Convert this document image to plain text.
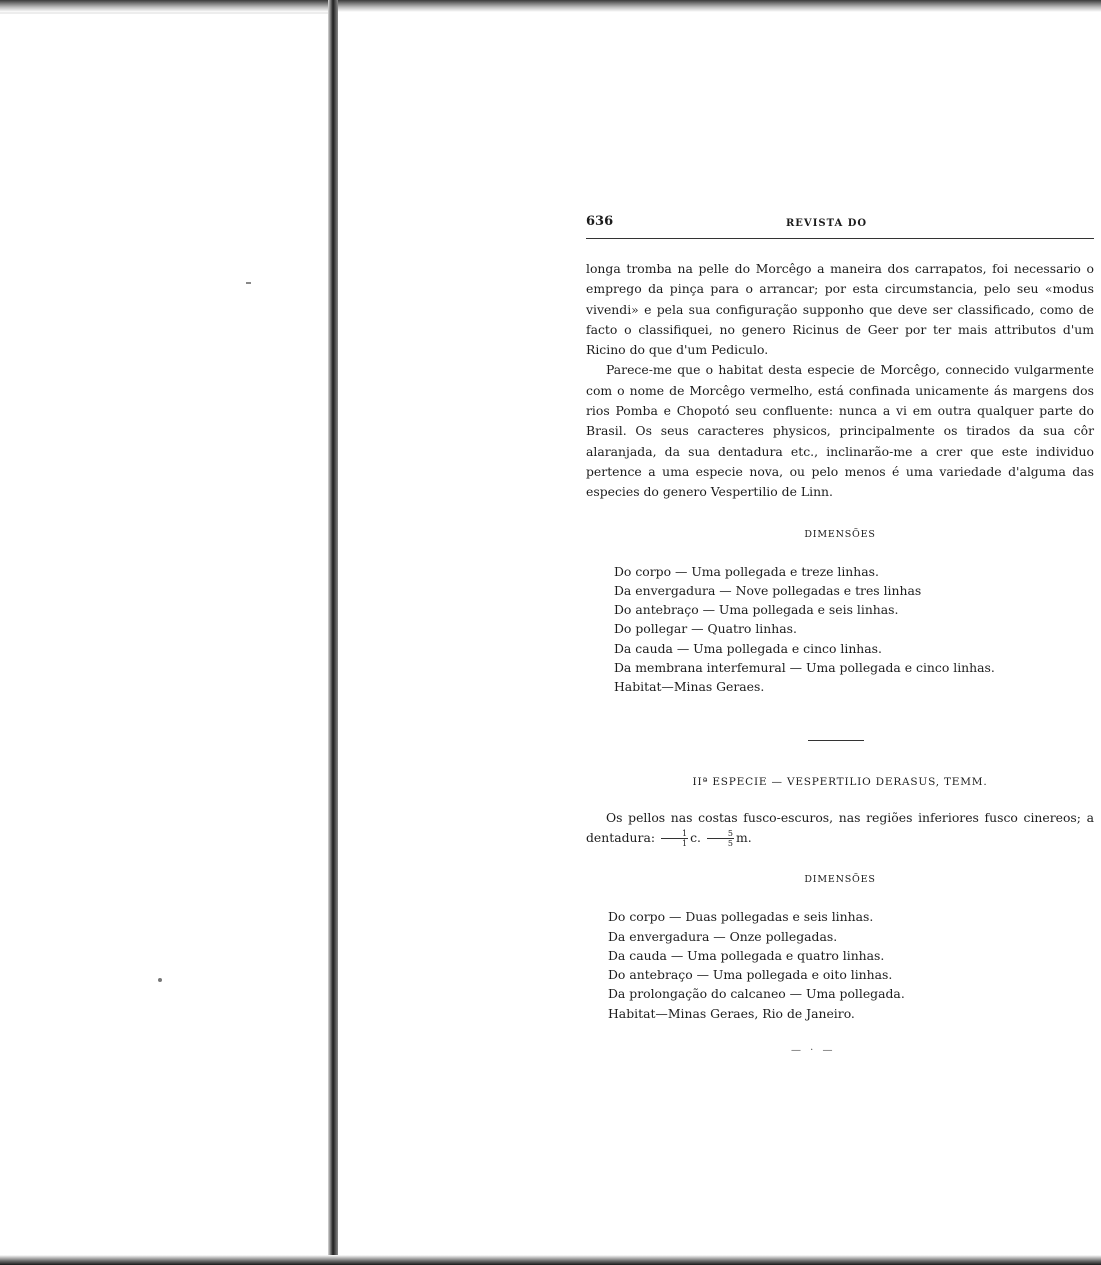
636	REVISTA DO

longa tromba na pelle do Morcêgo a maneira dos carrapatos, foi necessario o emprego da pinça para o arrancar; por esta circumstancia, pelo seu «modus vivendi» e pela sua configuração supponho que deve ser classificado, como de facto o classifiquei, no genero Ricinus de Geer por ter mais attributos d'um Ricino do que d'um Pediculo.

Parece-me que o habitat desta especie de Morcêgo, connecido vulgarmente com o nome de Morcêgo vermelho, está confinada unicamente ás margens dos rios Pomba e Chopotó seu confluente: nunca a vi em outra qualquer parte do Brasil. Os seus caracteres physicos, principalmente os tirados da sua côr alaranjada, da sua dentadura etc., inclinarão-me a crer que este individuo pertence a uma especie nova, ou pelo menos é uma variedade d'alguma das especies do genero Vespertilio de Linn.

DIMENSÕES

Do corpo — Uma pollegada e treze linhas.
Da envergadura — Nove pollegadas e tres linhas
Do antebraço — Uma pollegada e seis linhas.
Do pollegar — Quatro linhas.
Da cauda — Uma pollegada e cinco linhas.
Da membrana interfemural — Uma pollegada e cinco linhas.
Habitat—Minas Geraes.

IIª ESPECIE — VESPERTILIO DERASUS, TEMM.

Os pellos nas costas fusco-escuros, nas regiões inferiores fusco cinereos; a dentadura: $\frac{1}{1} c$. $\frac{5}{5} m$.

DIMENSÕES

Do corpo — Duas pollegadas e seis linhas.
Da envergadura — Onze pollegadas.
Da cauda — Uma pollegada e quatro linhas.
Do antebraço — Uma pollegada e oito linhas.
Da prolongação do calcaneo — Uma pollegada.
Habitat—Minas Geraes, Rio de Janeiro.
— · —
